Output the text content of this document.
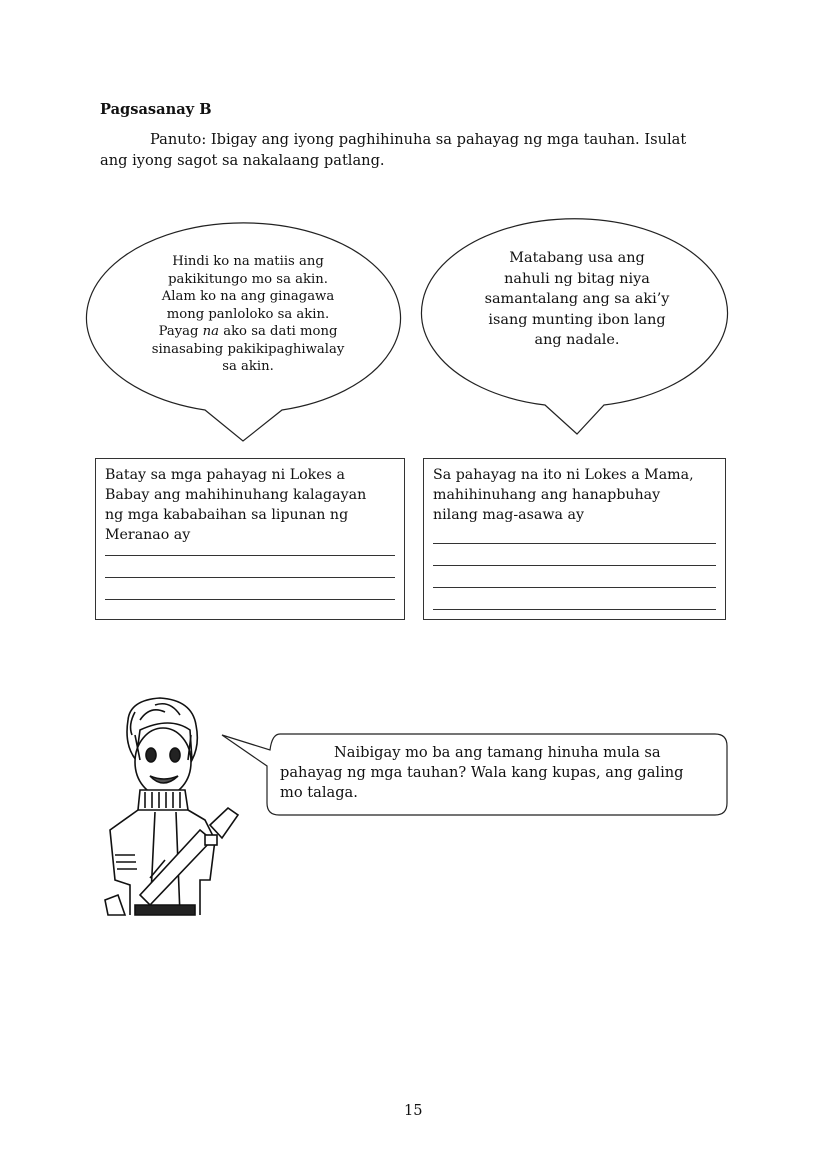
Pagsasanay B
Panuto: Ibigay ang iyong paghihinuha sa pahayag ng mga tauhan. Isulat
ang iyong sagot sa nakalaang patlang.
Hindi ko na matiis ang
pakikitungo mo sa akin.
Alam ko na ang ginagawa
mong panloloko sa akin.
Payag na ako sa dati mong
sinasabing pakikipaghiwalay
sa akin.
Matabang usa ang
nahuli ng bitag niya
samantalang ang sa aki’y
isang munting ibon lang
ang nadale.
Batay sa mga pahayag ni Lokes a
Babay ang mahihinuhang kalagayan
ng mga kababaihan sa lipunan ng
Meranao ay
Sa pahayag na ito ni Lokes a Mama,
mahihinuhang ang hanapbuhay
nilang mag-asawa ay
Naibigay mo ba ang tamang hinuha mula sa
pahayag ng mga tauhan? Wala kang kupas, ang galing
mo talaga.
15
